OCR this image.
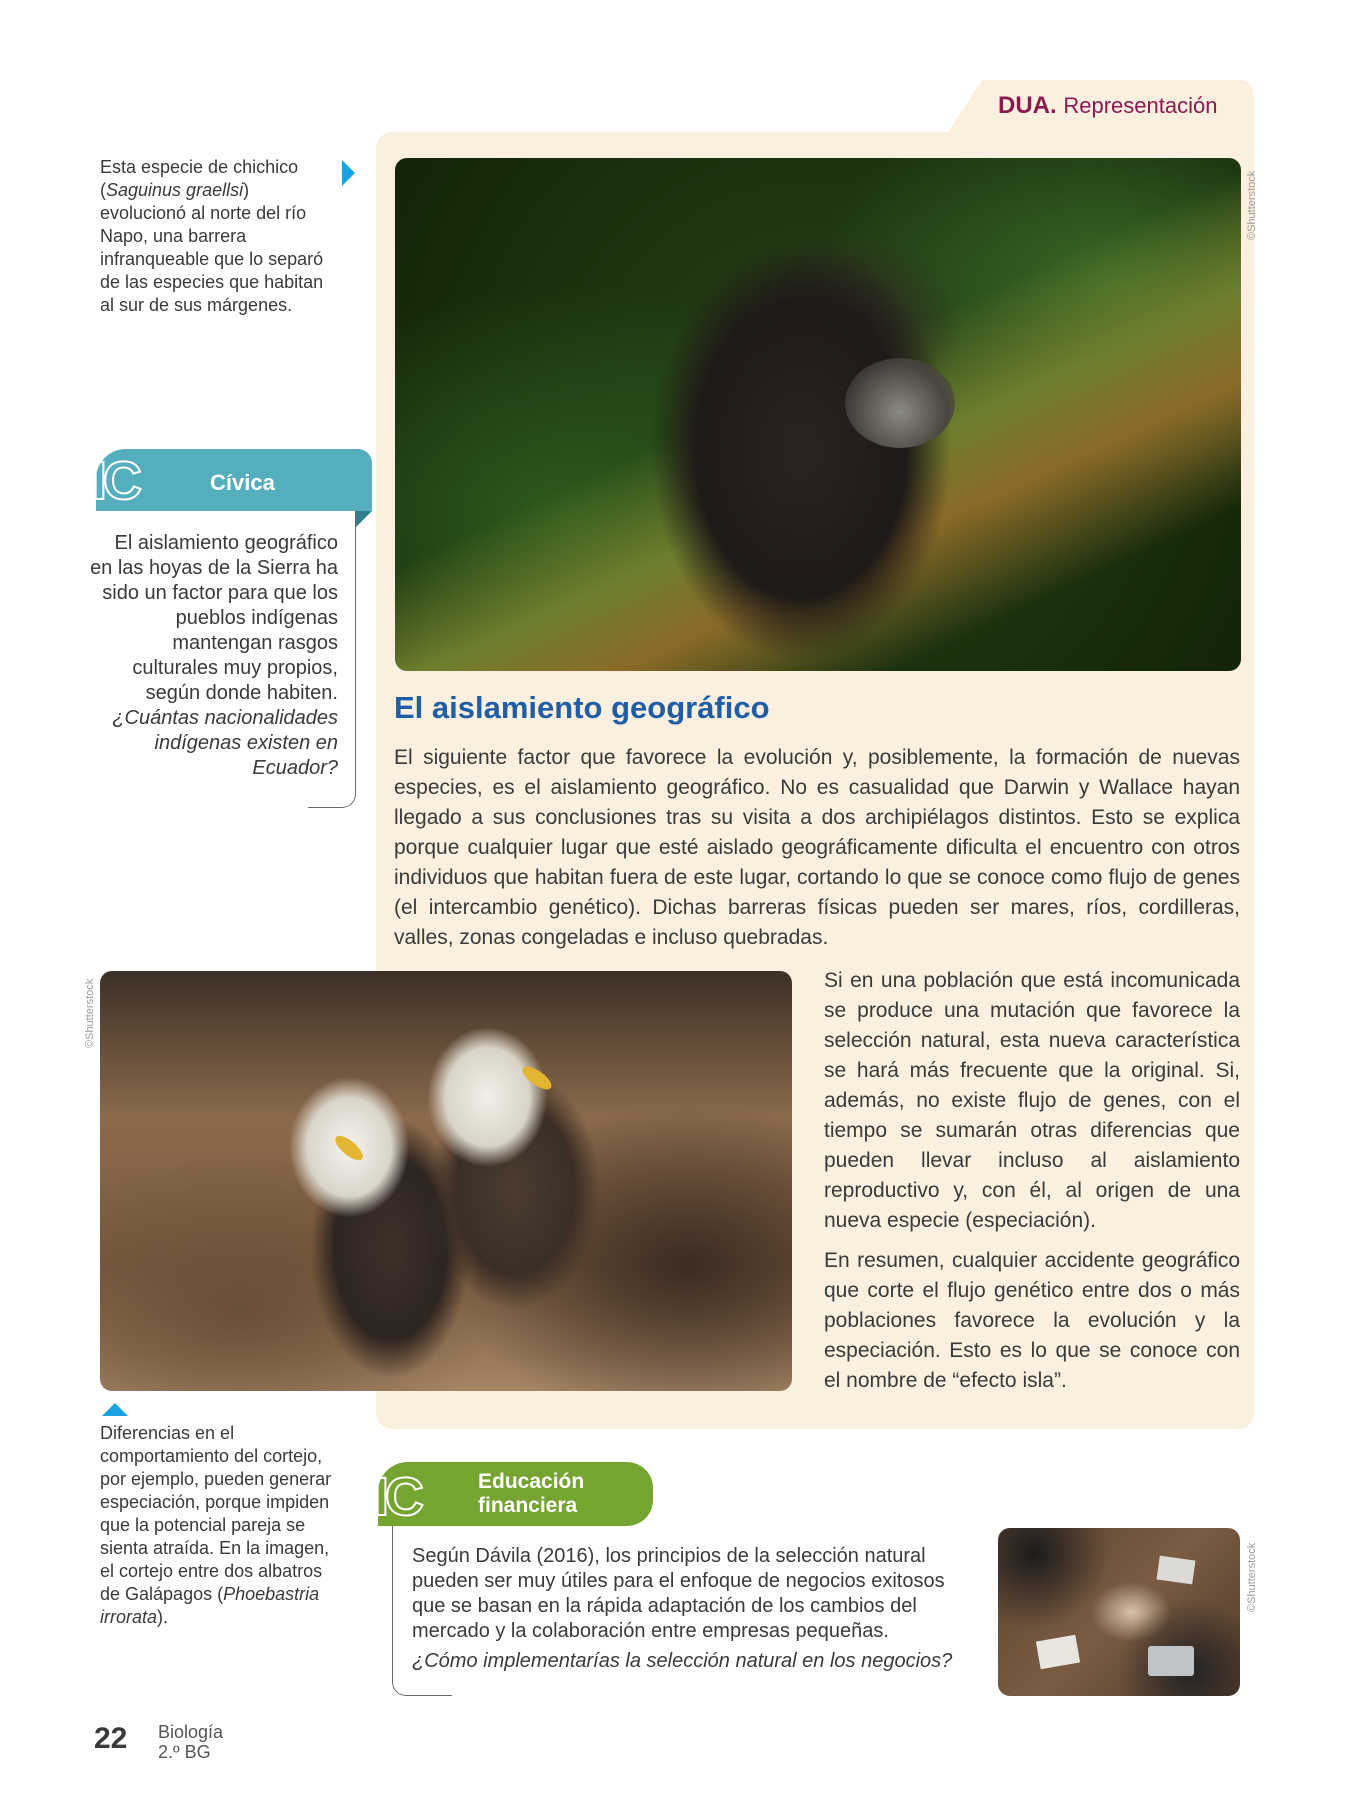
DUA. Representación
©Shutterstock
Esta especie de chichico (Saguinus graellsi) evolucionó al norte del río Napo, una barrera infranqueable que lo separó de las especies que habitan al sur de sus márgenes.
IC	Cívica
El aislamiento geográfico en las hoyas de la Sierra ha sido un factor para que los pueblos indígenas mantengan rasgos culturales muy propios, según donde habiten.
¿Cuántas nacionalidades indígenas existen en Ecuador?
El aislamiento geográfico

El siguiente factor que favorece la evolución y, posiblemente, la formación de nuevas especies, es el aislamiento geográfico. No es casualidad que Darwin y Wallace hayan llegado a sus conclusiones tras su visita a dos archipiélagos distintos. Esto se explica porque cualquier lugar que esté aislado geográficamente dificulta el encuentro con otros individuos que habitan fuera de este lugar, cortando lo que se conoce como flujo de genes (el intercambio genético). Dichas barreras físicas pueden ser mares, ríos, cordilleras, valles, zonas congeladas e incluso quebradas.

©Shutterstock	Si en una población que está incomunicada se produce una mutación que favorece la selección natural, esta nueva característica se hará más frecuente que la original. Si, además, no existe flujo de genes, con el tiempo se sumarán otras diferencias que pueden llevar incluso al aislamiento reproductivo y, con él, al origen de una nueva especie (especiación).

En resumen, cualquier accidente geográfico que corte el flujo genético entre dos o más poblaciones favorece la evolución y la especiación. Esto es lo que se conoce con el nombre de “efecto isla”.

Diferencias en el comportamiento del cortejo, por ejemplo, pueden generar especiación, porque impiden que la potencial pareja se sienta atraída. En la imagen, el cortejo entre dos albatros de Galápagos (Phoebastria irrorata).
IC	Educación
financiera
Según Dávila (2016), los principios de la selección natural pueden ser muy útiles para el enfoque de negocios exitosos que se basan en la rápida adaptación de los cambios del mercado y la colaboración entre empresas pequeñas.
¿Cómo implementarías la selección natural en los negocios?
©Shutterstock
22 Biología
2.º BG
